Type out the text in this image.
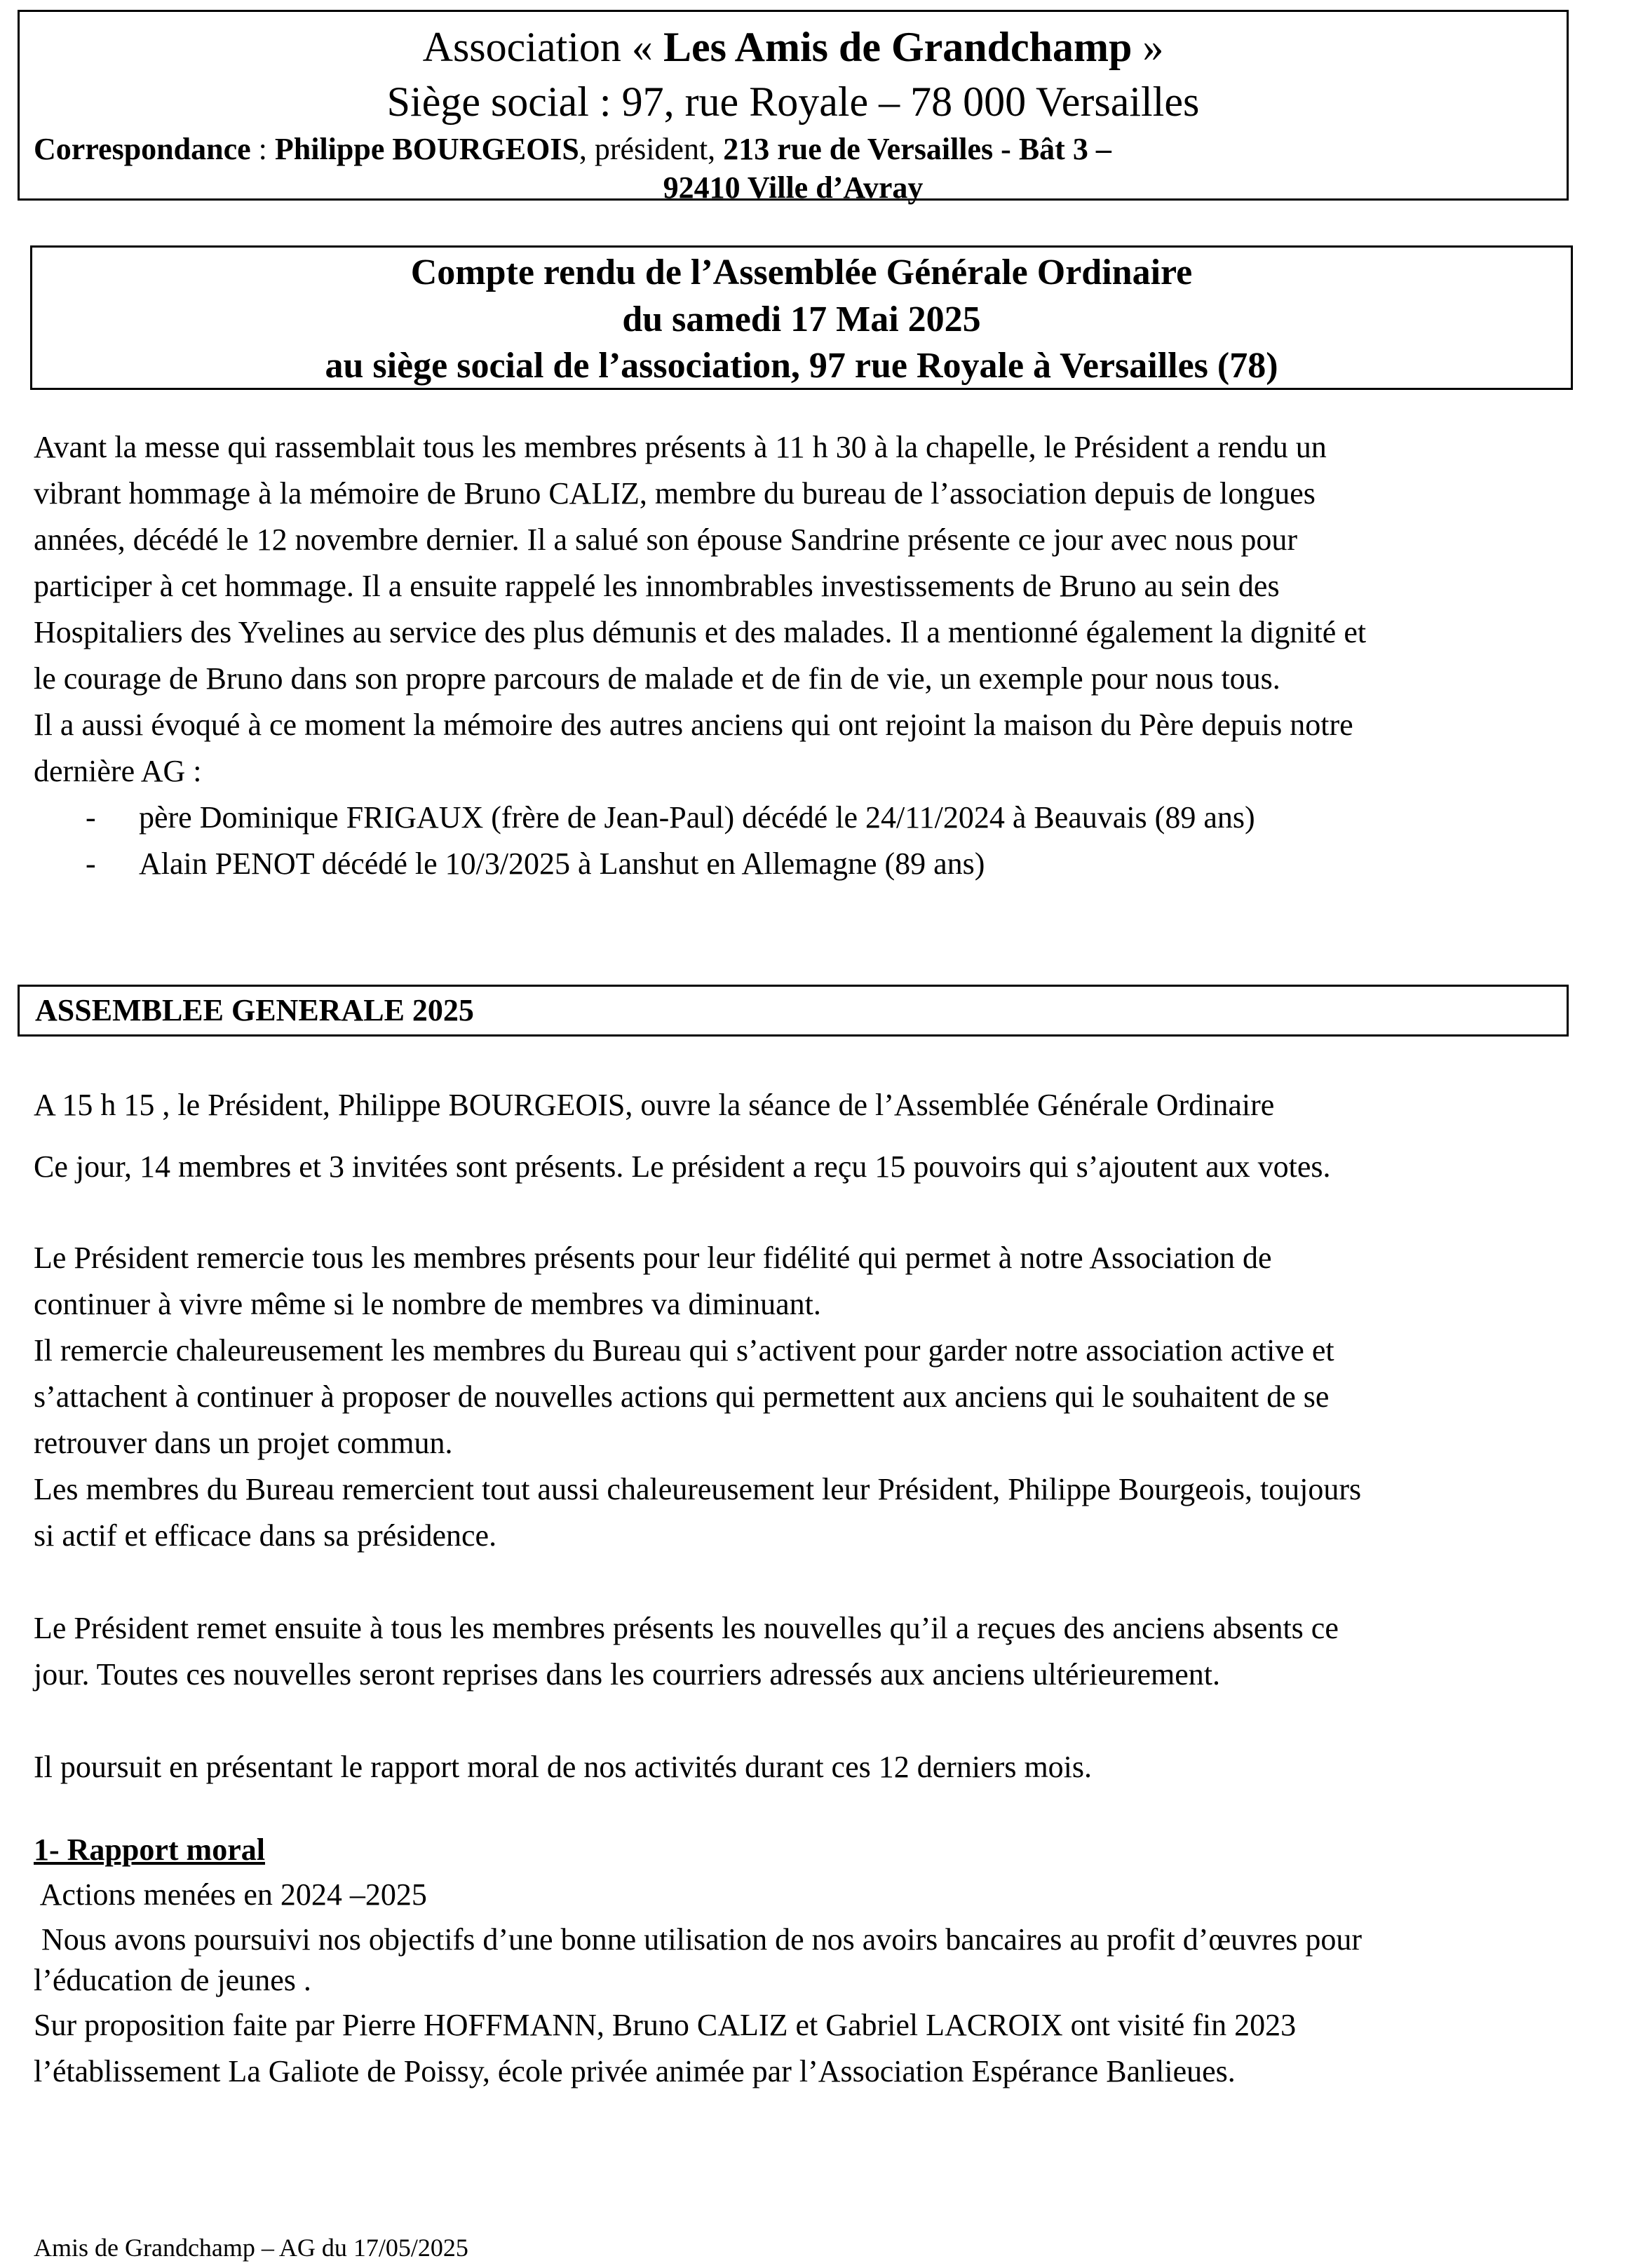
Association « Les Amis de Grandchamp »
Siège social : 97, rue Royale – 78 000 Versailles
Correspondance : Philippe BOURGEOIS, président, 213 rue de Versailles - Bât 3 –
92410 Ville d’Avray
Compte rendu de l’Assemblée Générale Ordinaire
du samedi 17 Mai 2025
au siège social de l’association, 97 rue Royale à Versailles (78)
Avant la messe qui rassemblait tous les membres présents à 11 h 30 à la chapelle, le Président a rendu un
vibrant hommage à la mémoire de Bruno CALIZ, membre du bureau de l’association depuis de longues
années, décédé le 12 novembre dernier. Il a salué son épouse Sandrine présente ce jour avec nous pour
participer à cet hommage. Il a ensuite rappelé les innombrables investissements de Bruno au sein des
Hospitaliers des Yvelines au service des plus démunis et des malades. Il a mentionné également la dignité et
le courage de Bruno dans son propre parcours de malade et de fin de vie, un exemple pour nous tous.
Il a aussi évoqué à ce moment la mémoire des autres anciens qui ont rejoint la maison du Père depuis notre
dernière AG :
- père Dominique FRIGAUX (frère de Jean-Paul) décédé le 24/11/2024 à Beauvais (89 ans)
- Alain PENOT décédé le 10/3/2025 à Lanshut en Allemagne (89 ans)
ASSEMBLEE GENERALE 2025
A 15 h 15 , le Président, Philippe BOURGEOIS, ouvre la séance de l’Assemblée Générale Ordinaire
Ce jour, 14 membres et 3 invitées sont présents. Le président a reçu 15 pouvoirs qui s’ajoutent aux votes.
Le Président remercie tous les membres présents pour leur fidélité qui permet à notre Association de
continuer à vivre même si le nombre de membres va diminuant.
Il remercie chaleureusement les membres du Bureau qui s’activent pour garder notre association active et
s’attachent à continuer à proposer de nouvelles actions qui permettent aux anciens qui le souhaitent de se
retrouver dans un projet commun.
Les membres du Bureau remercient tout aussi chaleureusement leur Président, Philippe Bourgeois, toujours
si actif et efficace dans sa présidence.
Le Président remet ensuite à tous les membres présents les nouvelles qu’il a reçues des anciens absents ce
jour. Toutes ces nouvelles seront reprises dans les courriers adressés aux anciens ultérieurement.
Il poursuit en présentant le rapport moral de nos activités durant ces 12 derniers mois.
1- Rapport moral
Actions menées en 2024 –2025
Nous avons poursuivi nos objectifs d’une bonne utilisation de nos avoirs bancaires au profit d’œuvres pour
l’éducation de jeunes .
Sur proposition faite par Pierre HOFFMANN, Bruno CALIZ et Gabriel LACROIX ont visité fin 2023
l’établissement La Galiote de Poissy, école privée animée par l’Association Espérance Banlieues.
Amis de Grandchamp – AG du 17/05/2025
